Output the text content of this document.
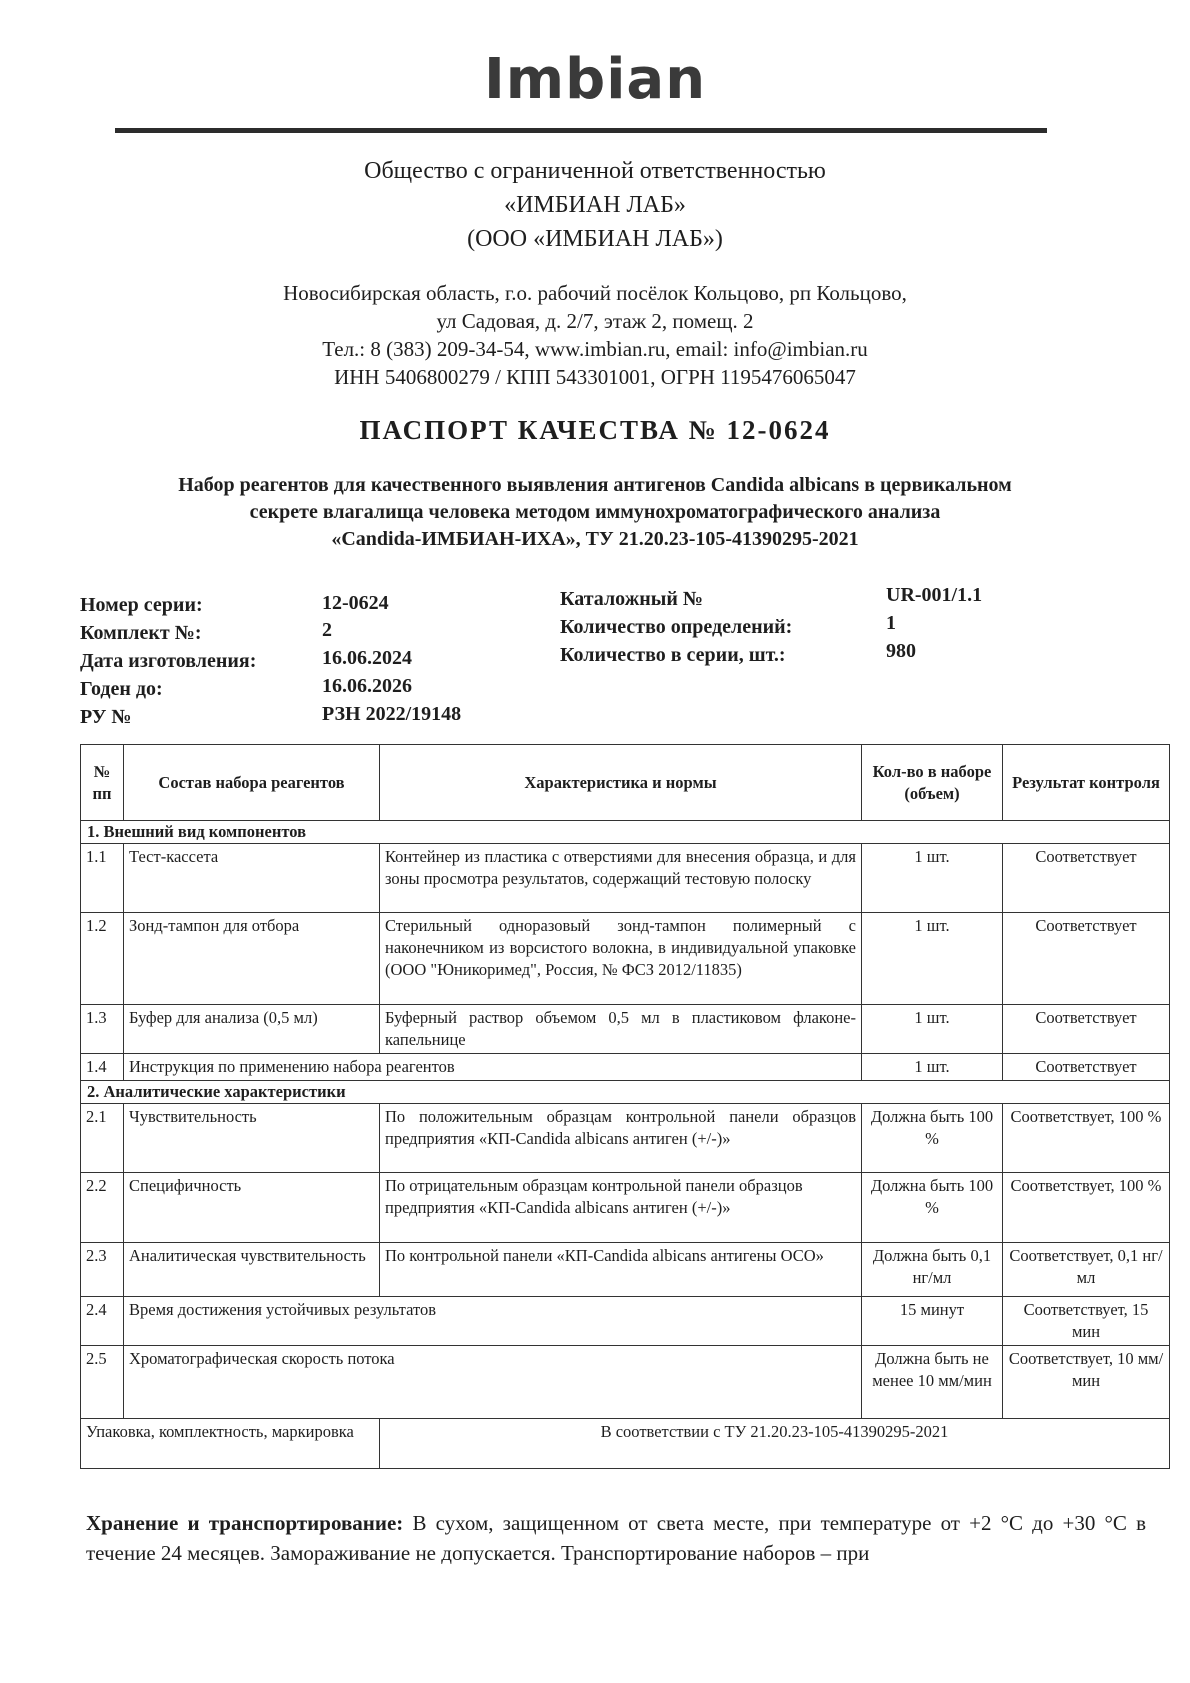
Imbian
Общество с ограниченной ответственностью
«ИМБИАН ЛАБ»
(ООО «ИМБИАН ЛАБ»)
Новосибирская область, г.о. рабочий посёлок Кольцово, рп Кольцово,
ул Садовая, д. 2/7, этаж 2, помещ. 2
Тел.: 8 (383) 209-34-54, www.imbian.ru, email: info@imbian.ru
ИНН 5406800279 / КПП 543301001, ОГРН 1195476065047
ПАСПОРТ КАЧЕСТВА № 12-0624
Набор реагентов для качественного выявления антигенов Candida albicans в цервикальном
секрете влагалища человека методом иммунохроматографического анализа
«Candida-ИМБИАН-ИХА», ТУ 21.20.23-105-41390295-2021
Номер серии:	12-0624
Комплект №:	2
Дата изготовления:	16.06.2024
Годен до:	16.06.2026
РУ №	РЗН 2022/19148
Каталожный №	UR-001/1.1
Количество определений:	1
Количество в серии, шт.:	980
№ пп	Состав набора реагентов	Характеристика и нормы	Кол-во в наборе (объем)	Результат контроля
1. Внешний вид компонентов				
1.1	Тест-кассета	Контейнер из пластика с отверстиями для внесения образца, и для зоны просмотра результатов, содержащий тестовую полоску	1 шт.	Соответствует
1.2	Зонд-тампон для отбора	Стерильный одноразовый зонд-тампон полимерный с наконечником из ворсистого волокна, в индивидуальной упаковке (ООО "Юникоримед", Россия, № ФСЗ 2012/11835)	1 шт.	Соответствует
1.3	Буфер для анализа (0,5 мл)	Буферный раствор объемом 0,5 мл в пластиковом флаконе-капельнице	1 шт.	Соответствует
1.4	Инструкция по применению набора реагентов		1 шт.	Соответствует
2. Аналитические характеристики				
2.1	Чувствительность	По положительным образцам контрольной панели образцов предприятия «КП-Candida albicans антиген (+/-)»	Должна быть 100 %	Соответствует, 100 %
2.2	Специфичность	По отрицательным образцам контрольной панели образцов предприятия «КП-Candida albicans антиген (+/-)»	Должна быть 100 %	Соответствует, 100 %
2.3	Аналитическая чувствительность	По контрольной панели «КП-Candida albicans антигены ОСО»	Должна быть 0,1 нг/мл	Соответствует, 0,1 нг/мл
2.4	Время достижения устойчивых результатов		15 минут	Соответствует, 15 мин
2.5	Хроматографическая скорость потока		Должна быть не менее 10 мм/мин	Соответствует, 10 мм/мин
Упаковка, комплектность, маркировка		В соответствии с ТУ 21.20.23-105-41390295-2021		
Хранение и транспортирование: В сухом, защищенном от света месте, при температуре от +2 °С до +30 °С в течение 24 месяцев. Замораживание не допускается. Транспортирование наборов – при
